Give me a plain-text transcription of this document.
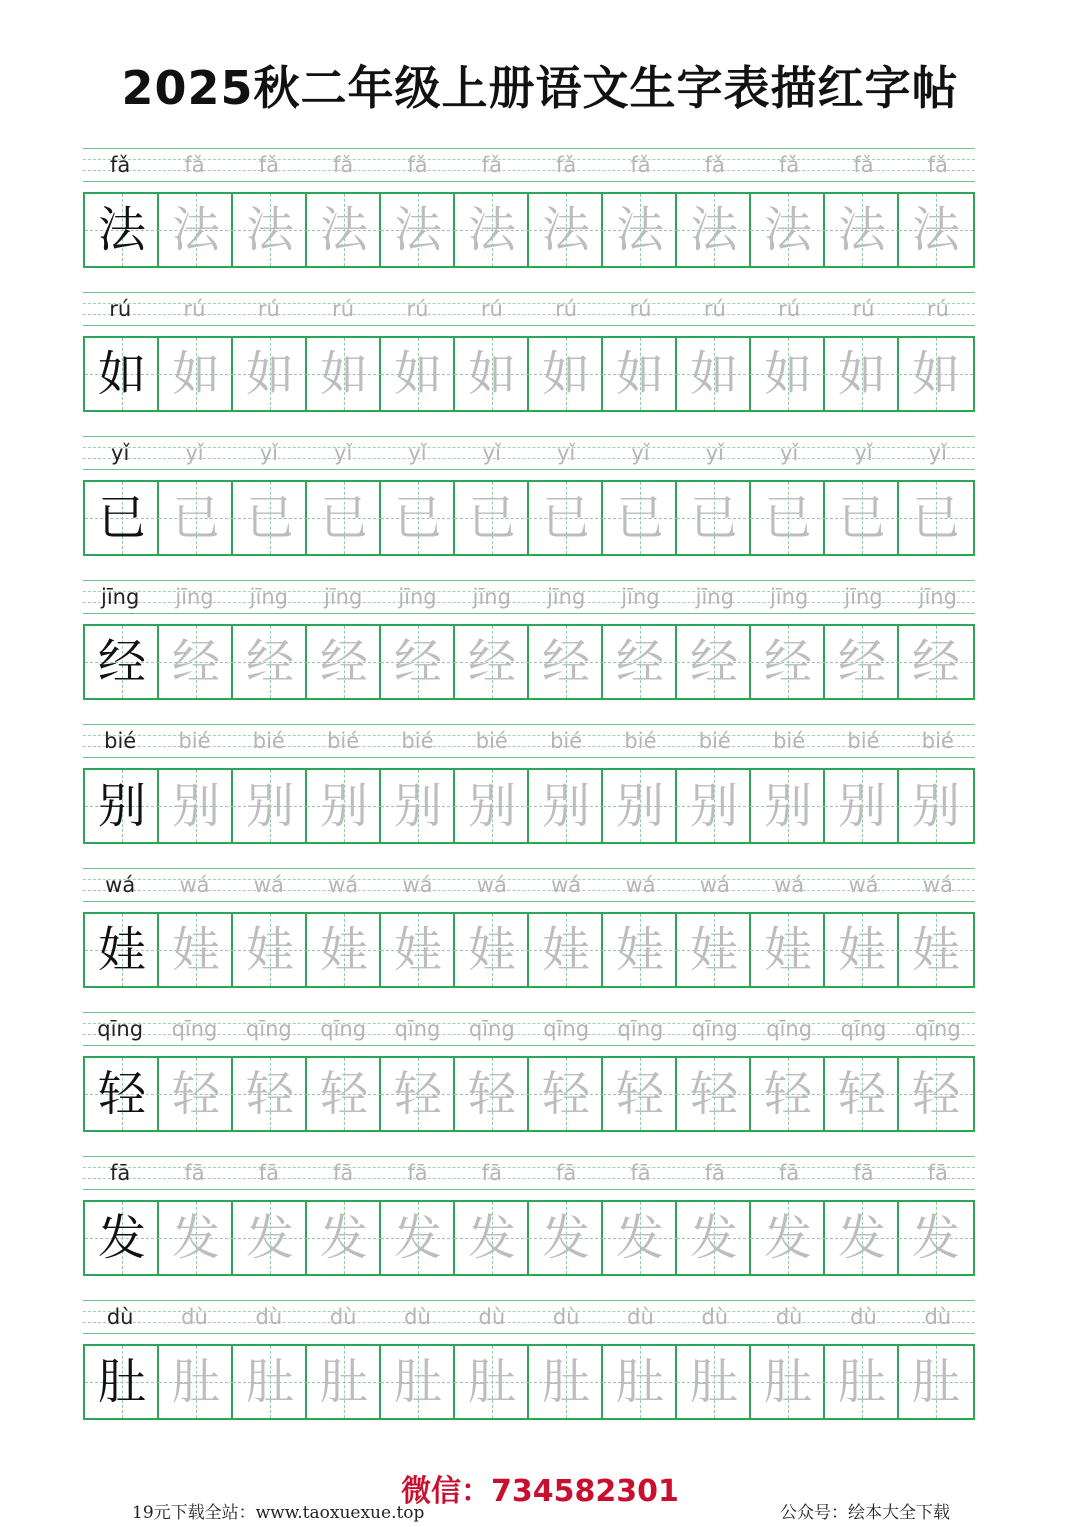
2025秋二年级上册语文生字表描红字帖
fǎ	fǎ	fǎ	fǎ	fǎ	fǎ	fǎ	fǎ	fǎ	fǎ	fǎ	fǎ
法 法 法 法 法 法 法 法 法 法 法 法
rú	rú	rú	rú	rú	rú	rú	rú	rú	rú	rú	rú
如 如 如 如 如 如 如 如 如 如 如 如
yǐ	yǐ	yǐ	yǐ	yǐ	yǐ	yǐ	yǐ	yǐ	yǐ	yǐ	yǐ
已 已 已 已 已 已 已 已 已 已 已 已
jīng	jīng	jīng	jīng	jīng	jīng	jīng	jīng	jīng	jīng	jīng	jīng
经 经 经 经 经 经 经 经 经 经 经 经
bié	bié	bié	bié	bié	bié	bié	bié	bié	bié	bié	bié
别 别 别 别 别 别 别 别 别 别 别 别
wá	wá	wá	wá	wá	wá	wá	wá	wá	wá	wá	wá
娃 娃 娃 娃 娃 娃 娃 娃 娃 娃 娃 娃
qīng	qīng	qīng	qīng	qīng	qīng	qīng	qīng	qīng	qīng	qīng	qīng
轻 轻 轻 轻 轻 轻 轻 轻 轻 轻 轻 轻
fā	fā	fā	fā	fā	fā	fā	fā	fā	fā	fā	fā
发 发 发 发 发 发 发 发 发 发 发 发
dù	dù	dù	dù	dù	dù	dù	dù	dù	dù	dù	dù
肚 肚 肚 肚 肚 肚 肚 肚 肚 肚 肚 肚
微信：734582301
19元下载全站：www.taoxuexue.top	公众号：绘本大全下载
